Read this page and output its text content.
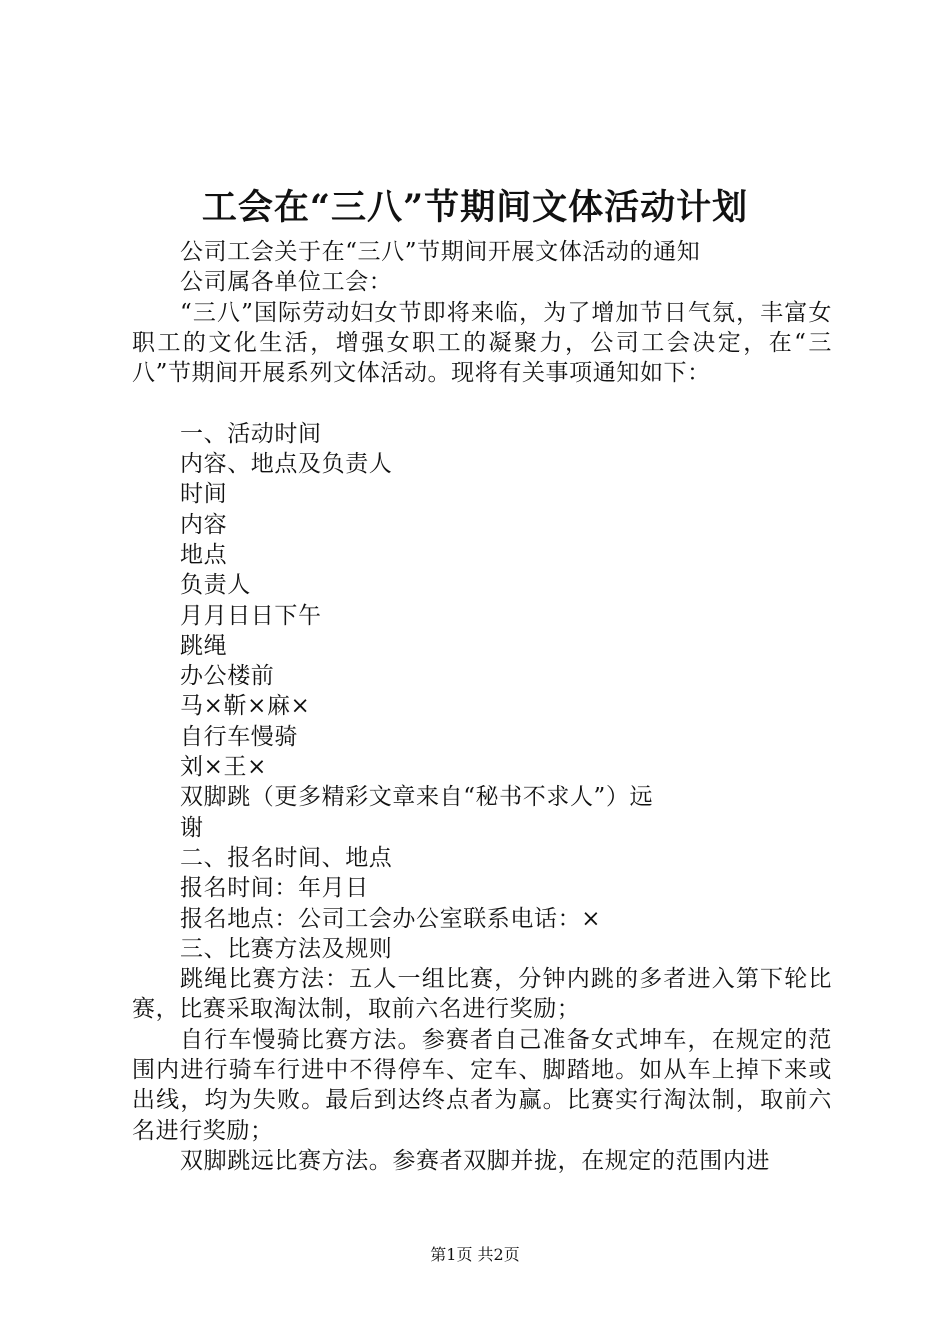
工会在“三八”节期间文体活动计划
公司工会关于在“三八”节期间开展文体活动的通知
公司属各单位工会：

“三八”国际劳动妇女节即将来临，为了增加节日气氛，丰富女职工的文化生活，增强女职工的凝聚力，公司工会决定，在“三八”节期间开展系列文体活动。现将有关事项通知如下：

一、活动时间
内容、地点及负责人
时间
内容
地点
负责人
月月日日下午
跳绳
办公楼前
马×靳×麻×
自行车慢骑
刘×王×
双脚跳（更多精彩文章来自“秘书不求人”）远
谢
二、报名时间、地点
报名时间：年月日
报名地点：公司工会办公室联系电话：×
三、比赛方法及规则

跳绳比赛方法：五人一组比赛，分钟内跳的多者进入第下轮比赛，比赛采取淘汰制，取前六名进行奖励；

自行车慢骑比赛方法。参赛者自己准备女式坤车，在规定的范围内进行骑车行进中不得停车、定车、脚踏地。如从车上掉下来或出线，均为失败。最后到达终点者为赢。比赛实行淘汰制，取前六名进行奖励；

双脚跳远比赛方法。参赛者双脚并拢，在规定的范围内进

第1页 共2页
